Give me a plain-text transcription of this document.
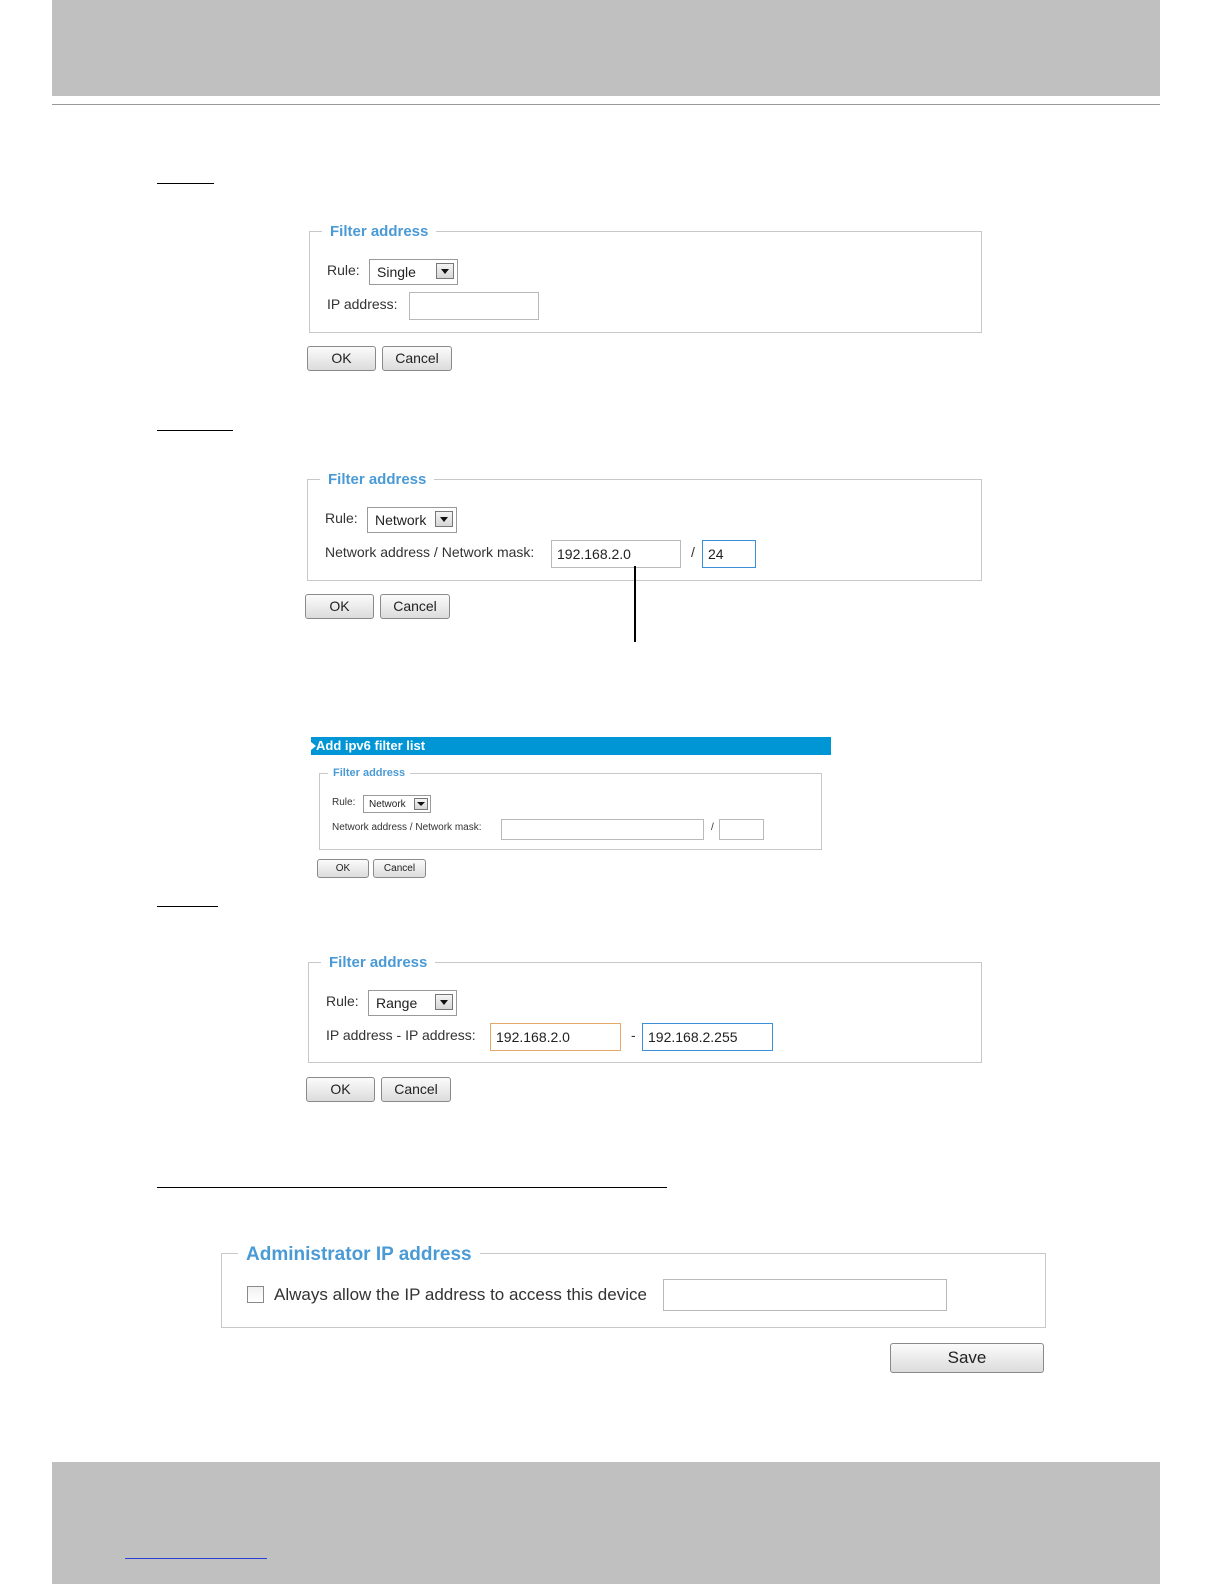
Filter address
Rule: Single
IP address:
OK	Cancel
Filter address
Rule: Network
Network address / Network mask: 192.168.2.0	/ 24
OK	Cancel
Add ipv6 filter list
Filter address
Rule: Network
Network address / Network mask:	/
OK	Cancel
Filter address
Rule: Range
IP address - IP address: 192.168.2.0	- 192.168.2.255
OK	Cancel
Administrator IP address
Always allow the IP address to access this device
Save
